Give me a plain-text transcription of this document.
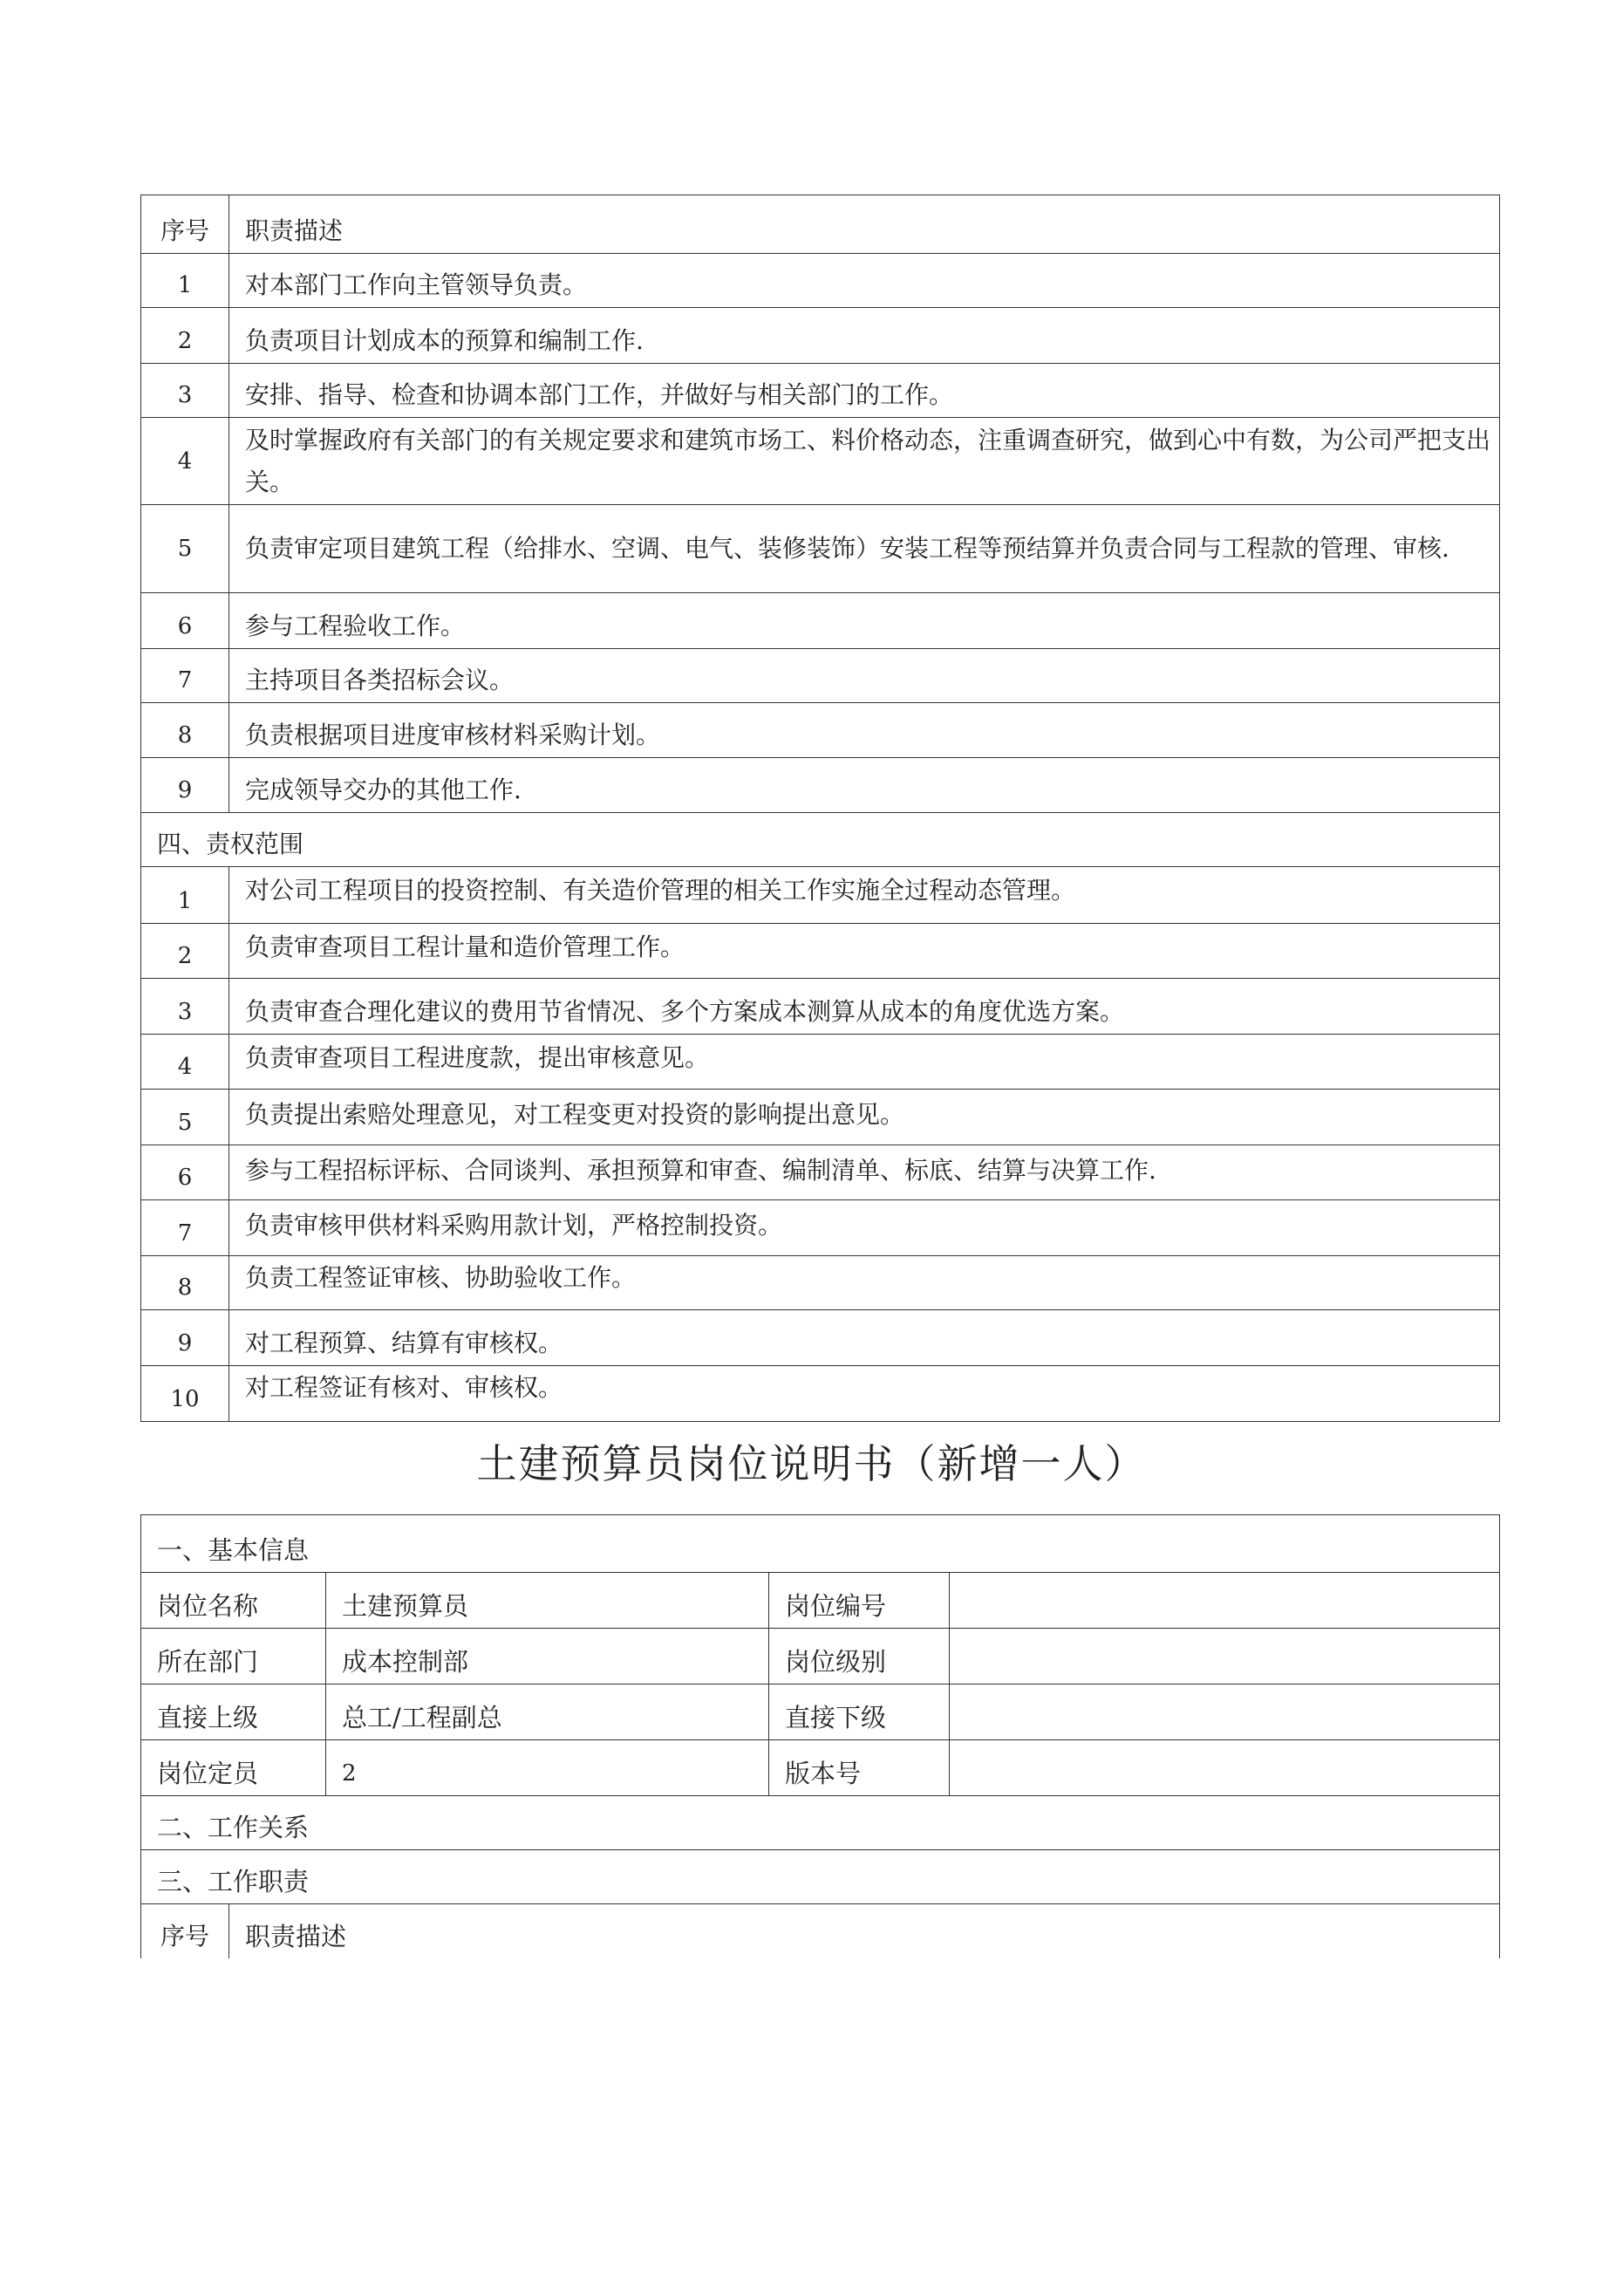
序号	职责描述
1	对本部门工作向主管领导负责。
2	负责项目计划成本的预算和编制工作.
3	安排、指导、检查和协调本部门工作，并做好与相关部门的工作。
4	及时掌握政府有关部门的有关规定要求和建筑市场工、料价格动态，注重调查研究，做到心中有数，为公司严把支出关。
5	负责审定项目建筑工程（给排水、空调、电气、装修装饰）安装工程等预结算并负责合同与工程款的管理、审核.
6	参与工程验收工作。
7	主持项目各类招标会议。
8	负责根据项目进度审核材料采购计划。
9	完成领导交办的其他工作.
四、责权范围	
1	对公司工程项目的投资控制、有关造价管理的相关工作实施全过程动态管理。
2	负责审查项目工程计量和造价管理工作。
3	负责审查合理化建议的费用节省情况、多个方案成本测算从成本的角度优选方案。
4	负责审查项目工程进度款，提出审核意见。
5	负责提出索赔处理意见，对工程变更对投资的影响提出意见。
6	参与工程招标评标、合同谈判、承担预算和审查、编制清单、标底、结算与决算工作.
7	负责审核甲供材料采购用款计划，严格控制投资。
8	负责工程签证审核、协助验收工作。
9	对工程预算、结算有审核权。
10	对工程签证有核对、审核权。
土建预算员岗位说明书（新增一人）
一、基本信息				
岗位名称		土建预算员	岗位编号	
所在部门		成本控制部	岗位级别	
直接上级		总工/工程副总	直接下级	
岗位定员		2	版本号	
二、工作关系				
三、工作职责				
序号	职责描述			
